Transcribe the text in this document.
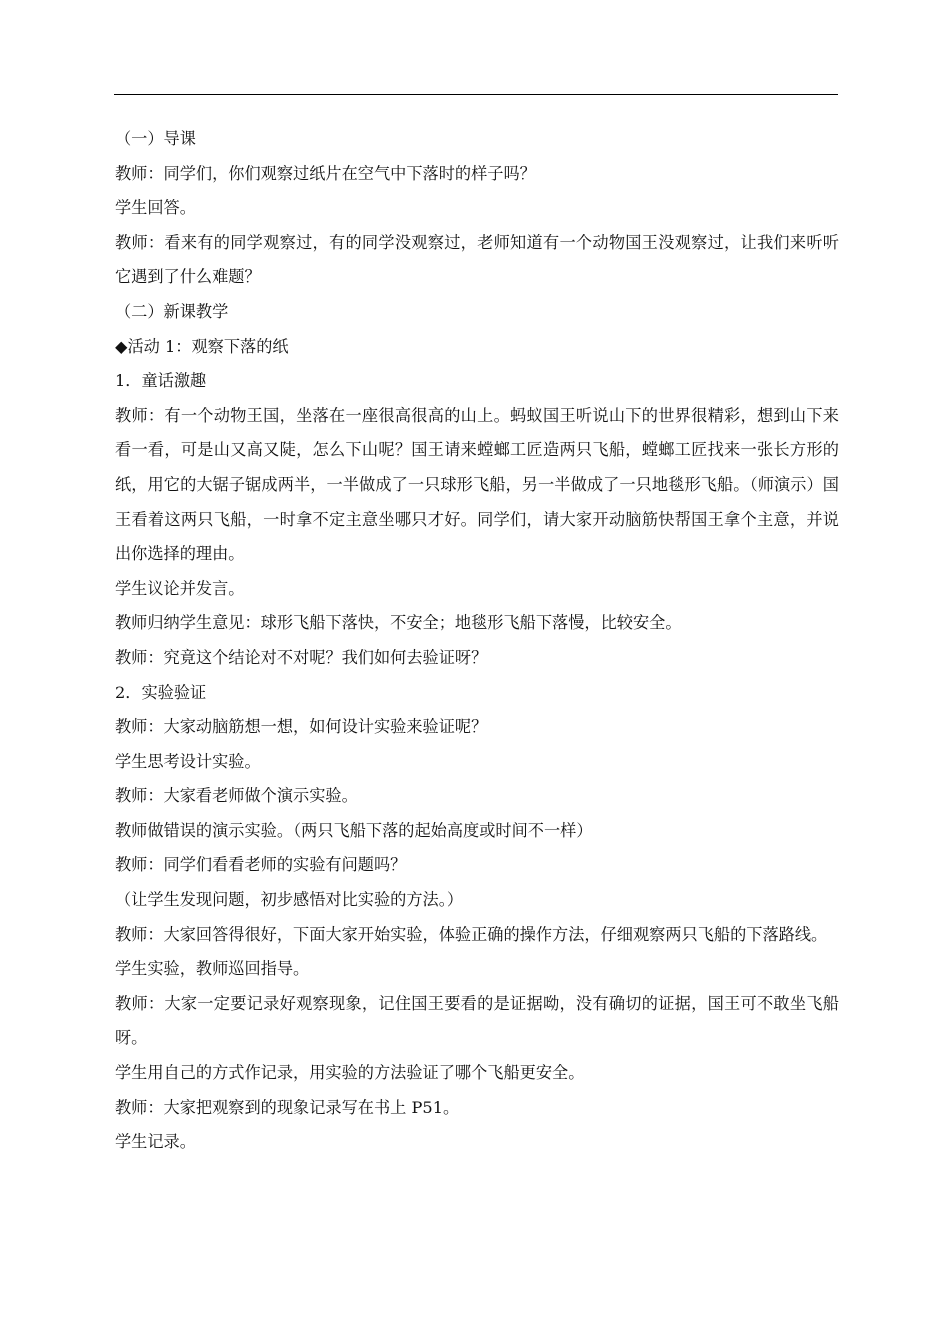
（一）导课

教师：同学们，你们观察过纸片在空气中下落时的样子吗？

学生回答。

教师：看来有的同学观察过，有的同学没观察过，老师知道有一个动物国王没观察过，让我们来听听它遇到了什么难题？

（二）新课教学

◆活动 1：观察下落的纸

1．童话激趣

教师：有一个动物王国，坐落在一座很高很高的山上。蚂蚁国王听说山下的世界很精彩，想到山下来看一看，可是山又高又陡，怎么下山呢？国王请来螳螂工匠造两只飞船，螳螂工匠找来一张长方形的纸，用它的大锯子锯成两半，一半做成了一只球形飞船，另一半做成了一只地毯形飞船。（师演示）国王看着这两只飞船，一时拿不定主意坐哪只才好。同学们，请大家开动脑筋快帮国王拿个主意，并说出你选择的理由。

学生议论并发言。

教师归纳学生意见：球形飞船下落快，不安全；地毯形飞船下落慢，比较安全。

教师：究竟这个结论对不对呢？我们如何去验证呀？

2．实验验证

教师：大家动脑筋想一想，如何设计实验来验证呢？

学生思考设计实验。

教师：大家看老师做个演示实验。

教师做错误的演示实验。（两只飞船下落的起始高度或时间不一样）

教师：同学们看看老师的实验有问题吗？

（让学生发现问题，初步感悟对比实验的方法。）

教师：大家回答得很好，下面大家开始实验，体验正确的操作方法，仔细观察两只飞船的下落路线。

学生实验，教师巡回指导。

教师：大家一定要记录好观察现象，记住国王要看的是证据呦，没有确切的证据，国王可不敢坐飞船呀。

学生用自己的方式作记录，用实验的方法验证了哪个飞船更安全。

教师：大家把观察到的现象记录写在书上 P51。

学生记录。
